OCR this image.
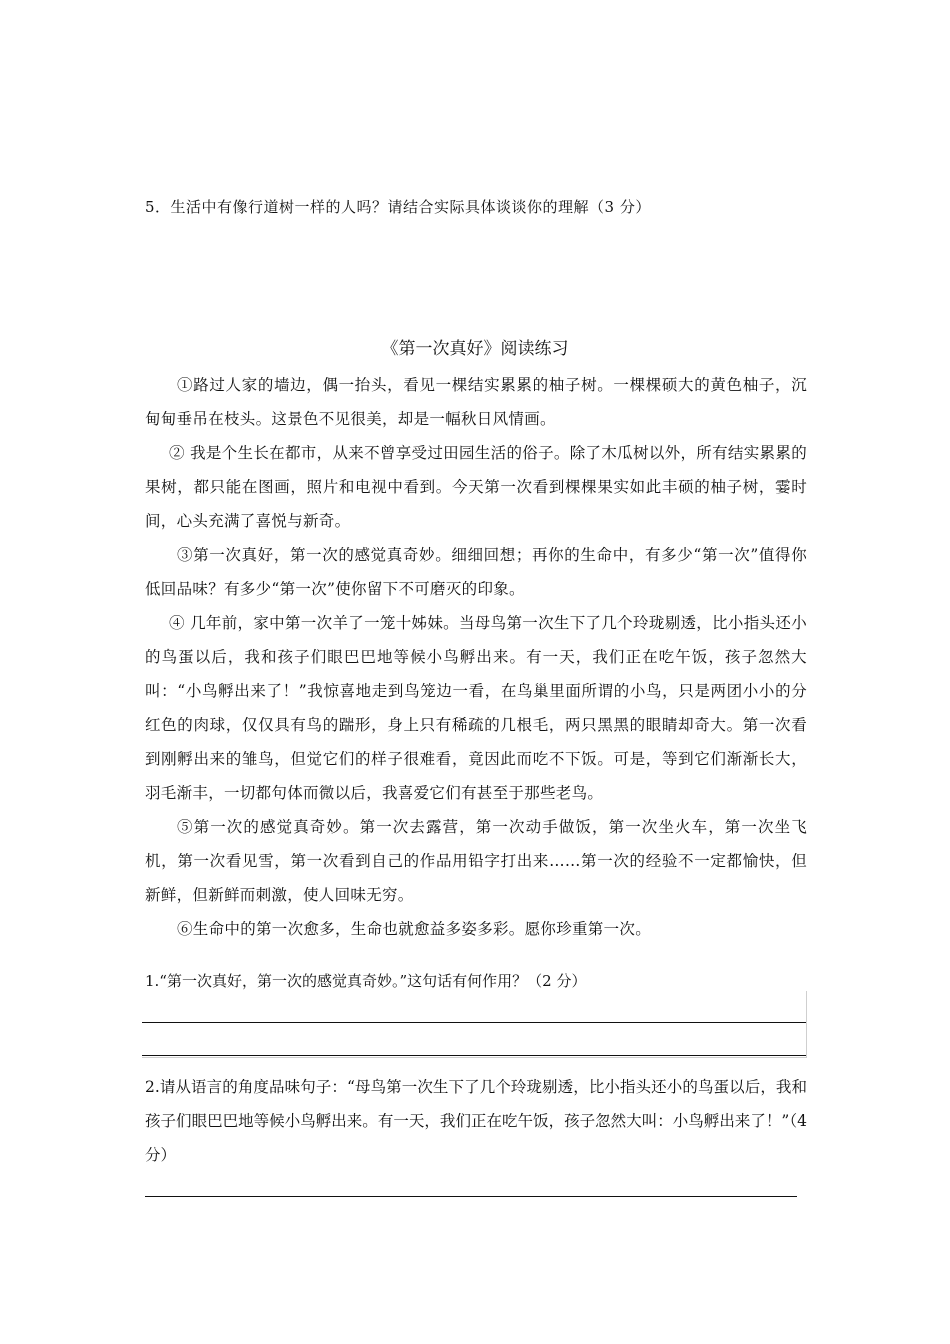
5．生活中有像行道树一样的人吗？请结合实际具体谈谈你的理解（3 分）
《第一次真好》阅读练习

①路过人家的墙边，偶一抬头，看见一棵结实累累的柚子树。一棵棵硕大的黄色柚子，沉甸甸垂吊在枝头。这景色不见很美，却是一幅秋日风情画。

② 我是个生长在都市，从来不曾享受过田园生活的俗子。除了木瓜树以外，所有结实累累的果树，都只能在图画，照片和电视中看到。今天第一次看到棵棵果实如此丰硕的柚子树，霎时间，心头充满了喜悦与新奇。

③第一次真好，第一次的感觉真奇妙。细细回想；再你的生命中，有多少“第一次”值得你低回品味？有多少“第一次”使你留下不可磨灭的印象。

④ 几年前，家中第一次羊了一笼十姊妹。当母鸟第一次生下了几个玲珑剔透，比小指头还小的鸟蛋以后，我和孩子们眼巴巴地等候小鸟孵出来。有一天，我们正在吃午饭，孩子忽然大叫：“小鸟孵出来了！”我惊喜地走到鸟笼边一看，在鸟巢里面所谓的小鸟，只是两团小小的分红色的肉球，仅仅具有鸟的踹形，身上只有稀疏的几根毛，两只黑黑的眼睛却奇大。第一次看到刚孵出来的雏鸟，但觉它们的样子很难看，竟因此而吃不下饭。可是，等到它们渐渐长大，羽毛渐丰，一切都句体而微以后，我喜爱它们有甚至于那些老鸟。

⑤第一次的感觉真奇妙。第一次去露营，第一次动手做饭，第一次坐火车，第一次坐飞机，第一次看见雪，第一次看到自己的作品用铅字打出来……第一次的经验不一定都愉快，但新鲜，但新鲜而刺激，使人回味无穷。

⑥生命中的第一次愈多，生命也就愈益多姿多彩。愿你珍重第一次。

1.“第一次真好，第一次的感觉真奇妙。”这句话有何作用？（2 分）
2.请从语言的角度品味句子：“母鸟第一次生下了几个玲珑剔透，比小指头还小的鸟蛋以后，我和孩子们眼巴巴地等候小鸟孵出来。有一天，我们正在吃午饭，孩子忽然大叫：小鸟孵出来了！”（4 分）
